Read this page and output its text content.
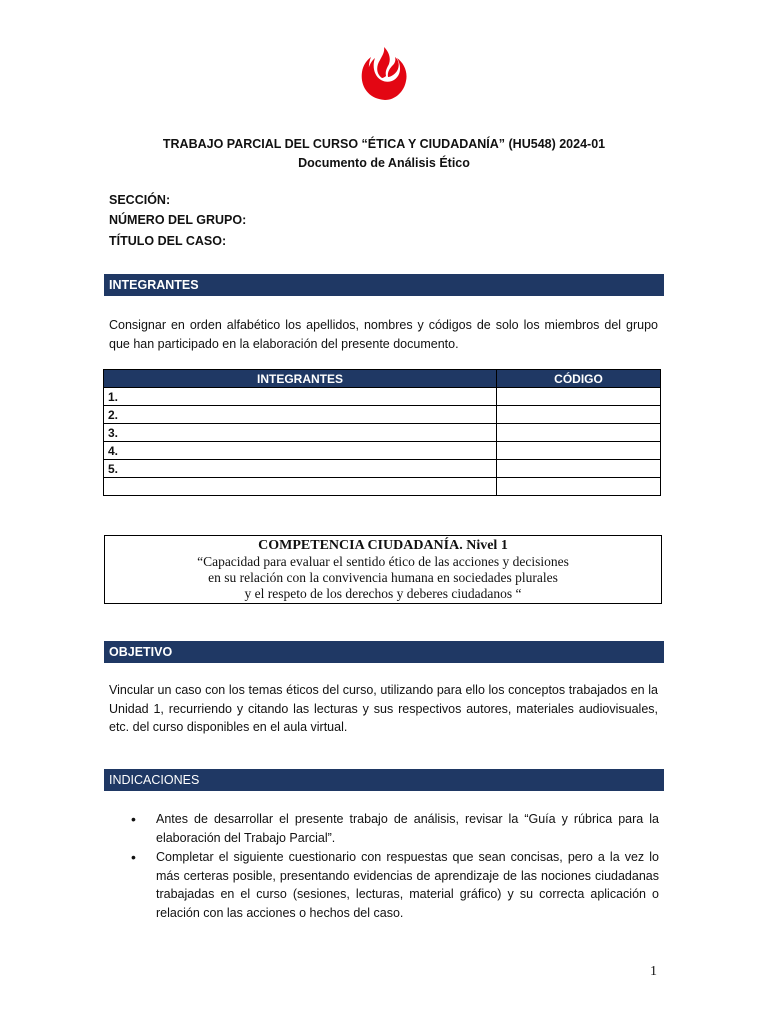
TRABAJO PARCIAL DEL CURSO “ÉTICA Y CIUDADANÍA” (HU548) 2024-01
Documento de Análisis Ético
SECCIÓN:
NÚMERO DEL GRUPO:
TÍTULO DEL CASO:
INTEGRANTES
Consignar en orden alfabético los apellidos, nombres y códigos de solo los miembros del grupo que han participado en la elaboración del presente documento.
INTEGRANTES	CÓDIGO
1.	
2.	
3.	
4.	
5.	

COMPETENCIA CIUDADANÍA. Nivel 1
“Capacidad para evaluar el sentido ético de las acciones y decisiones
en su relación con la convivencia humana en sociedades plurales
y el respeto de los derechos y deberes ciudadanos “
OBJETIVO
Vincular un caso con los temas éticos del curso, utilizando para ello los conceptos trabajados en la Unidad 1, recurriendo y citando las lecturas y sus respectivos autores, materiales audiovisuales, etc. del curso disponibles en el aula virtual.
INDICACIONES
• Antes de desarrollar el presente trabajo de análisis, revisar la “Guía y rúbrica para la elaboración del Trabajo Parcial”.
• Completar el siguiente cuestionario con respuestas que sean concisas, pero a la vez lo más certeras posible, presentando evidencias de aprendizaje de las nociones ciudadanas trabajadas en el curso (sesiones, lecturas, material gráfico) y su correcta aplicación o relación con las acciones o hechos del caso.
1
